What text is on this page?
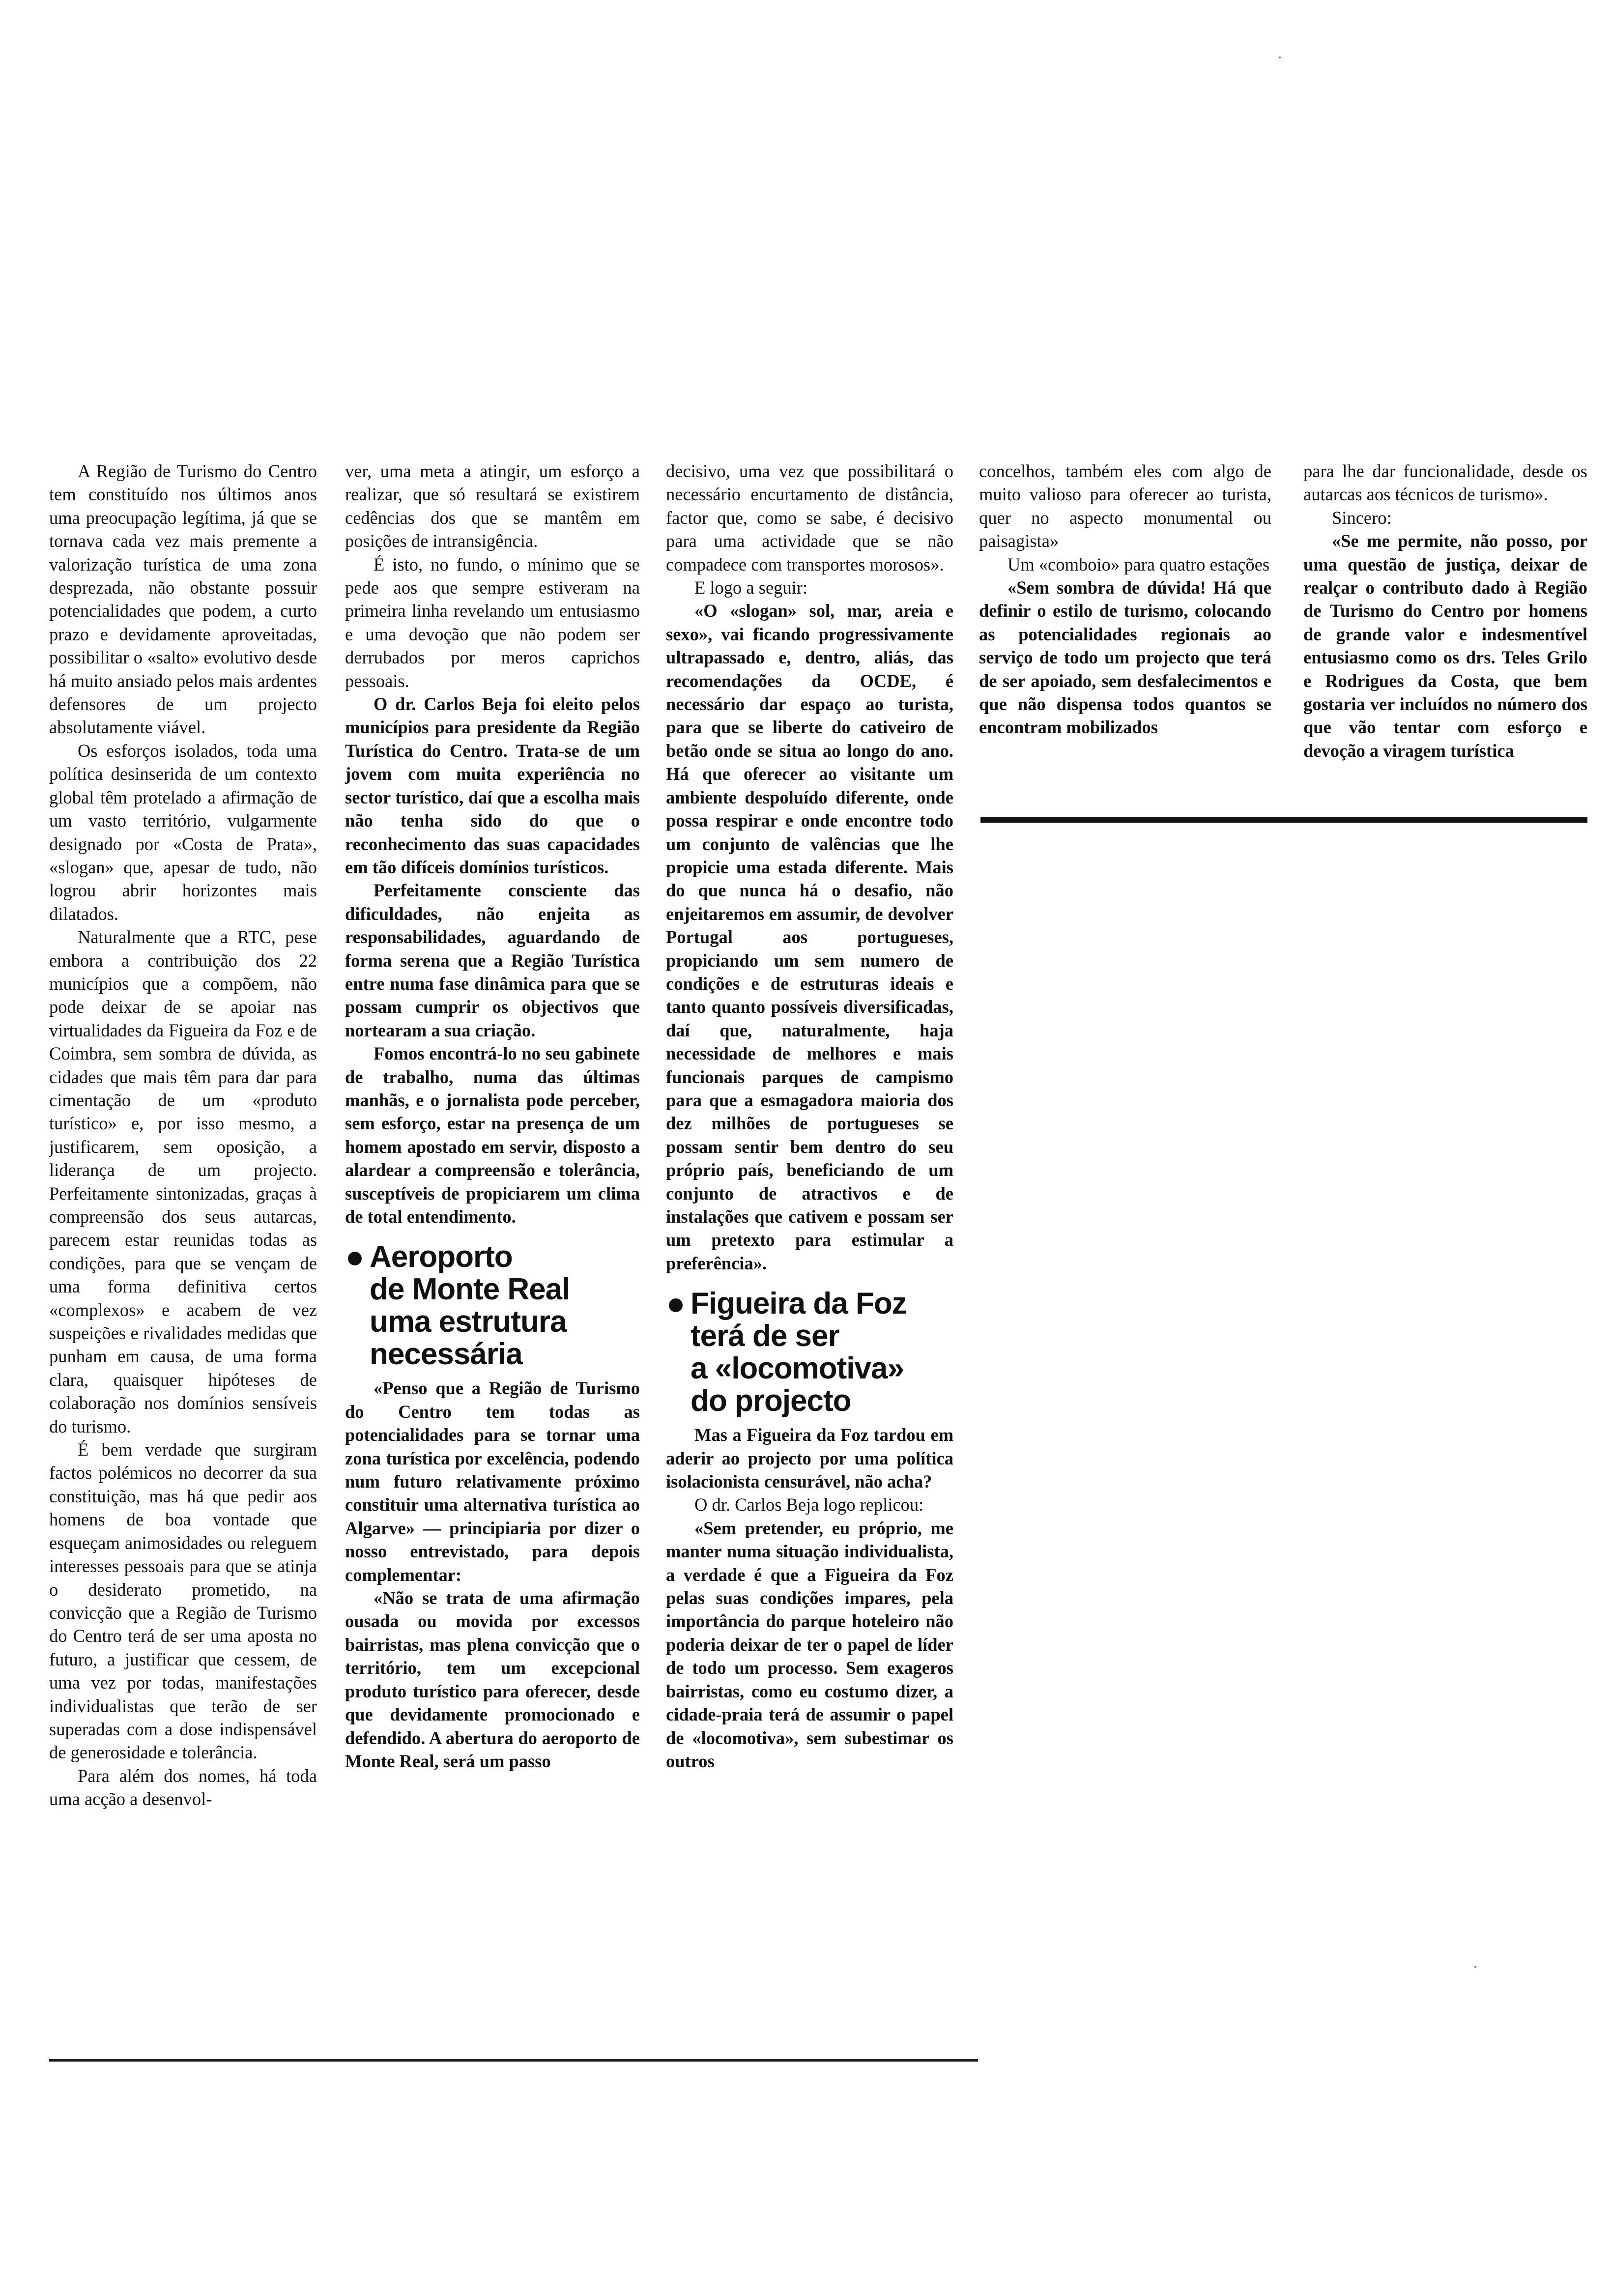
A Região de Turismo do Centro tem constituído nos últimos anos uma preocupação legítima, já que se tornava cada vez mais premente a valorização turística de uma zona desprezada, não obstante possuir potencialidades que podem, a curto prazo e devidamente aproveitadas, possibilitar o «salto» evolutivo desde há muito ansiado pelos mais ardentes defensores de um projecto absolutamente viável.

Os esforços isolados, toda uma política desinserida de um contexto global têm protelado a afirmação de um vasto território, vulgarmente designado por «Costa de Prata», «slogan» que, apesar de tudo, não logrou abrir horizontes mais dilatados.

Naturalmente que a RTC, pese embora a contribuição dos 22 municípios que a compõem, não pode deixar de se apoiar nas virtualidades da Figueira da Foz e de Coimbra, sem sombra de dúvida, as cidades que mais têm para dar para cimentação de um «produto turístico» e, por isso mesmo, a justificarem, sem oposição, a liderança de um projecto. Perfeitamente sintonizadas, graças à compreensão dos seus autarcas, parecem estar reunidas todas as condições, para que se vençam de uma forma definitiva certos «complexos» e acabem de vez suspeições e rivalidades medidas que punham em causa, de uma forma clara, quaisquer hipóteses de colaboração nos domínios sensíveis do turismo.

É bem verdade que surgiram factos polémicos no decorrer da sua constituição, mas há que pedir aos homens de boa vontade que esqueçam animosidades ou releguem interesses pessoais para que se atinja o desiderato prometido, na convicção que a Região de Turismo do Centro terá de ser uma aposta no futuro, a justificar que cessem, de uma vez por todas, manifestações individualistas que terão de ser superadas com a dose indispensável de generosidade e tolerância.

Para além dos nomes, há toda uma acção a desenvol-

ver, uma meta a atingir, um esforço a realizar, que só resultará se existirem cedências dos que se mantêm em posições de intransigência.

É isto, no fundo, o mínimo que se pede aos que sempre estiveram na primeira linha revelando um entusiasmo e uma devoção que não podem ser derrubados por meros caprichos pessoais.

O dr. Carlos Beja foi eleito pelos municípios para presidente da Região Turística do Centro. Trata-se de um jovem com muita experiência no sector turístico, daí que a escolha mais não tenha sido do que o reconhecimento das suas capacidades em tão difíceis domínios turísticos.

Perfeitamente consciente das dificuldades, não enjeita as responsabilidades, aguardando de forma serena que a Região Turística entre numa fase dinâmica para que se possam cumprir os objectivos que nortearam a sua criação.

Fomos encontrá-lo no seu gabinete de trabalho, numa das últimas manhãs, e o jornalista pode perceber, sem esforço, estar na presença de um homem apostado em servir, disposto a alardear a compreensão e tolerância, susceptíveis de propiciarem um clima de total entendimento.

Aeroporto
de Monte Real
uma estrutura
necessária

«Penso que a Região de Turismo do Centro tem todas as potencialidades para se tornar uma zona turística por excelência, podendo num futuro relativamente próximo constituir uma alternativa turística ao Algarve» — principiaria por dizer o nosso entrevistado, para depois complementar:

«Não se trata de uma afirmação ousada ou movida por excessos bairristas, mas plena convicção que o território, tem um excepcional produto turístico para oferecer, desde que devidamente promocionado e defendido. A abertura do aeroporto de Monte Real, será um passo

decisivo, uma vez que possibilitará o necessário encurtamento de distância, factor que, como se sabe, é decisivo para uma actividade que se não compadece com transportes morosos».

E logo a seguir:

«O «slogan» sol, mar, areia e sexo», vai ficando progressivamente ultrapassado e, dentro, aliás, das recomendações da OCDE, é necessário dar espaço ao turista, para que se liberte do cativeiro de betão onde se situa ao longo do ano. Há que oferecer ao visitante um ambiente despoluído diferente, onde possa respirar e onde encontre todo um conjunto de valências que lhe propicie uma estada diferente. Mais do que nunca há o desafio, não enjeitaremos em assumir, de devolver Portugal aos portugueses, propiciando um sem numero de condições e de estruturas ideais e tanto quanto possíveis diversificadas, daí que, naturalmente, haja necessidade de melhores e mais funcionais parques de campismo para que a esmagadora maioria dos dez milhões de portugueses se possam sentir bem dentro do seu próprio país, beneficiando de um conjunto de atractivos e de instalações que cativem e possam ser um pretexto para estimular a preferência».

Figueira da Foz
terá de ser
a «locomotiva»
do projecto

Mas a Figueira da Foz tardou em aderir ao projecto por uma política isolacionista censurável, não acha?

O dr. Carlos Beja logo replicou:

«Sem pretender, eu próprio, me manter numa situação individualista, a verdade é que a Figueira da Foz pelas suas condições impares, pela importância do parque hoteleiro não poderia deixar de ter o papel de líder de todo um processo. Sem exageros bairristas, como eu costumo dizer, a cidade-praia terá de assumir o papel de «locomotiva», sem subestimar os outros

concelhos, também eles com algo de muito valioso para oferecer ao turista, quer no aspecto monumental ou paisagista»

Um «comboio» para quatro estações

«Sem sombra de dúvida! Há que definir o estilo de turismo, colocando as potencialidades regionais ao serviço de todo um projecto que terá de ser apoiado, sem desfalecimentos e que não dispensa todos quantos se encontram mobilizados

para lhe dar funcionalidade, desde os autarcas aos técnicos de turismo».

Sincero:

«Se me permite, não posso, por uma questão de justiça, deixar de realçar o contributo dado à Região de Turismo do Centro por homens de grande valor e indesmentível entusiasmo como os drs. Teles Grilo e Rodrigues da Costa, que bem gostaria ver incluídos no número dos que vão tentar com esforço e devoção a viragem turística
